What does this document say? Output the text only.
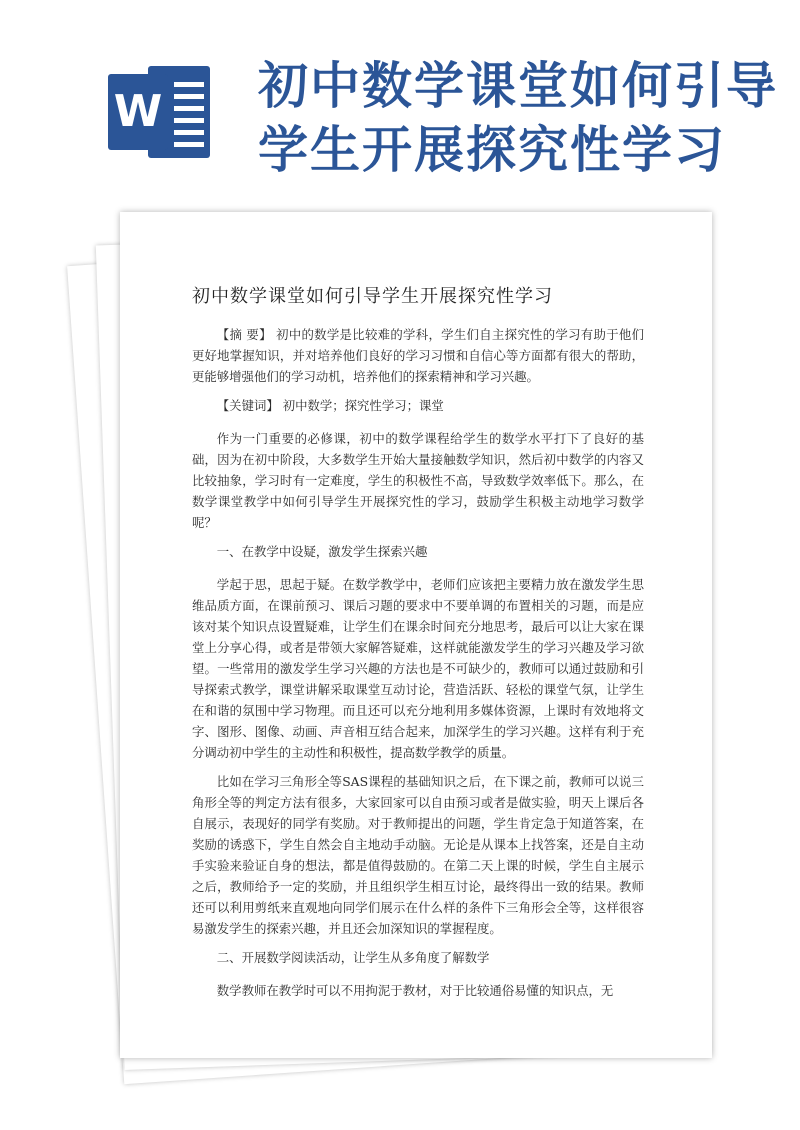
W 初中数学课堂如何引导
学生开展探究性学习
初中数学课堂如何引导学生开展探究性学习

【摘 要】 初中的数学是比较难的学科，学生们自主探究性的学习有助于他们更好地掌握知识，并对培养他们良好的学习习惯和自信心等方面都有很大的帮助，更能够增强他们的学习动机，培养他们的探索精神和学习兴趣。

【关键词】 初中数学；探究性学习；课堂

作为一门重要的必修课，初中的数学课程给学生的数学水平打下了良好的基础，因为在初中阶段，大多数学生开始大量接触数学知识，然后初中数学的内容又比较抽象，学习时有一定难度，学生的积极性不高，导致数学效率低下。那么，在数学课堂教学中如何引导学生开展探究性的学习，鼓励学生积极主动地学习数学呢？

一、在教学中设疑，激发学生探索兴趣

学起于思，思起于疑。在数学教学中，老师们应该把主要精力放在激发学生思维品质方面，在课前预习、课后习题的要求中不要单调的布置相关的习题，而是应该对某个知识点设置疑难，让学生们在课余时间充分地思考，最后可以让大家在课堂上分享心得，或者是带领大家解答疑难，这样就能激发学生的学习兴趣及学习欲望。一些常用的激发学生学习兴趣的方法也是不可缺少的，教师可以通过鼓励和引导探索式教学，课堂讲解采取课堂互动讨论，营造活跃、轻松的课堂气氛，让学生在和谐的氛围中学习物理。而且还可以充分地利用多媒体资源，上课时有效地将文字、图形、图像、动画、声音相互结合起来，加深学生的学习兴趣。这样有利于充分调动初中学生的主动性和积极性，提高数学教学的质量。

比如在学习三角形全等SAS课程的基础知识之后，在下课之前，教师可以说三角形全等的判定方法有很多，大家回家可以自由预习或者是做实验，明天上课后各自展示，表现好的同学有奖励。对于教师提出的问题，学生肯定急于知道答案，在奖励的诱惑下，学生自然会自主地动手动脑。无论是从课本上找答案，还是自主动手实验来验证自身的想法，都是值得鼓励的。在第二天上课的时候，学生自主展示之后，教师给予一定的奖励，并且组织学生相互讨论，最终得出一致的结果。教师还可以利用剪纸来直观地向同学们展示在什么样的条件下三角形会全等，这样很容易激发学生的探索兴趣，并且还会加深知识的掌握程度。

二、开展数学阅读活动，让学生从多角度了解数学

数学教师在教学时可以不用拘泥于教材，对于比较通俗易懂的知识点，无
